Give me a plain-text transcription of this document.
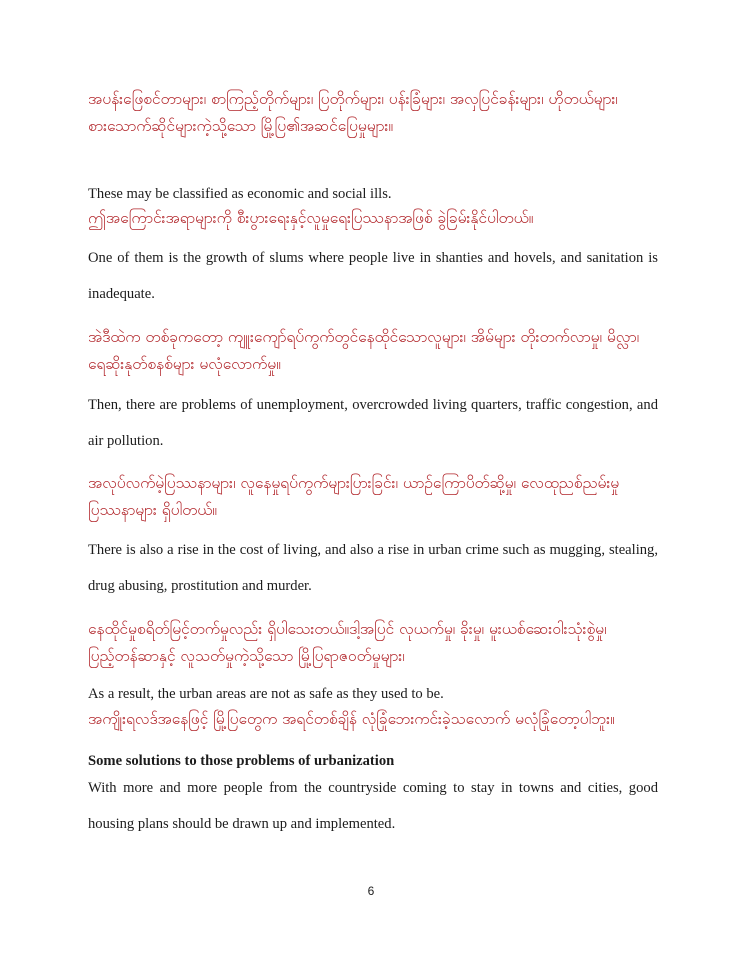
အပန်းဖြေစင်တာများ၊ စာကြည့်တိုက်များ၊ ပြတိုက်များ၊ ပန်းခြံများ၊ အလှပြင်ခန်းများ၊ ဟိုတယ်များ၊ စားသောက်ဆိုင်များကဲ့သို့သော မြို့ပြ၏အဆင်ပြေမှုများ။

These may be classified as economic and social ills.

ဤအကြောင်းအရာများကို စီးပွားရေးနှင့်လူမှုရေးပြဿနာအဖြစ် ခွဲခြမ်းနိုင်ပါတယ်။

One of them is the growth of slums where people live in shanties and hovels, and sanitation is inadequate.

အဲဒီထဲက တစ်ခုကတော့ ကျူးကျော်ရပ်ကွက်တွင်နေထိုင်သောလူများ၊ အိမ်များ တိုးတက်လာမှု၊ မိလ္လာ၊ ရေဆိုးနုတ်စနစ်များ မလုံလောက်မှု။

Then, there are problems of unemployment, overcrowded living quarters, traffic congestion, and air pollution.

အလုပ်လက်မဲ့ပြဿနာများ၊ လူနေမှုရပ်ကွက်များပြားခြင်း၊ ယာဉ်ကြောပိတ်ဆို့မှု၊ လေထုညစ်ညမ်းမှု ပြဿနာများ ရှိပါတယ်။

There is also a rise in the cost of living, and also a rise in urban crime such as mugging, stealing, drug abusing, prostitution and murder.

နေထိုင်မှုစရိတ်မြင့်တက်မှုလည်း ရှိပါသေးတယ်။ဒါ့အပြင် လုယက်မှု၊ ခိုးမှု၊ မူးယစ်ဆေးဝါးသုံးစွဲမှု၊ ပြည့်တန်ဆာနှင့် လူသတ်မှုကဲ့သို့သော မြို့ပြရာဇဝတ်မှုများ၊

As a result, the urban areas are not as safe as they used to be.

အကျိုးရလဒ်အနေဖြင့် မြို့ပြတွေက အရင်တစ်ချိန် လုံခြုံဘေးကင်းခဲ့သလောက် မလုံခြုံတော့ပါဘူး။

Some solutions to those problems of urbanization

With more and more people from the countryside coming to stay in towns and cities, good housing plans should be drawn up and implemented.

6
